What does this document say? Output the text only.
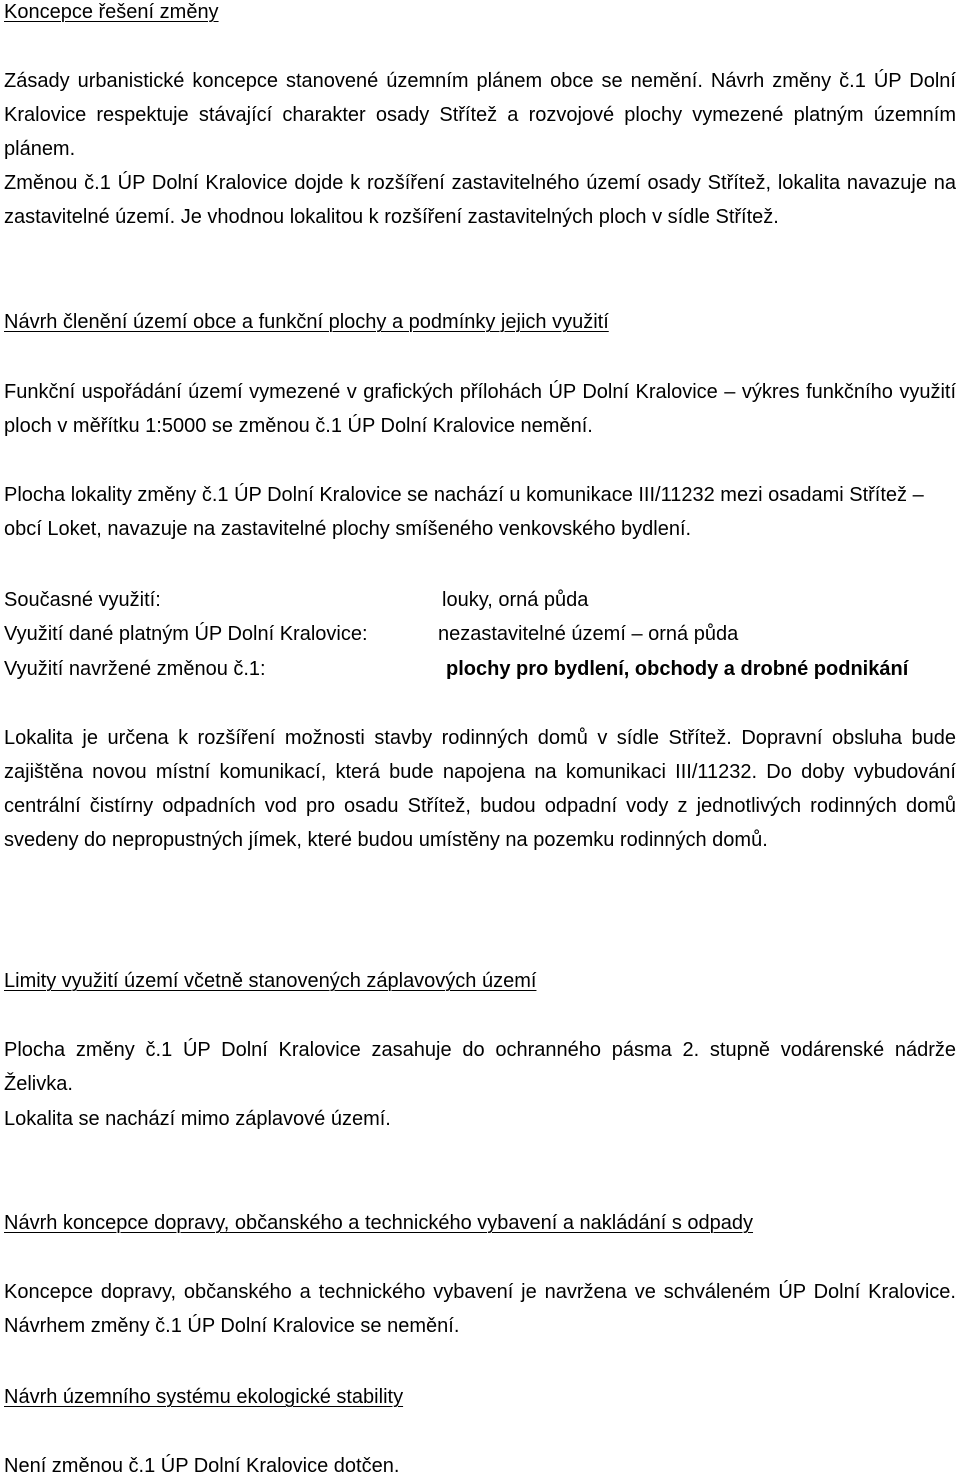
Koncepce řešení změny
Zásady urbanistické koncepce stanovené územním plánem obce se nemění. Návrh změny č.1 ÚP Dolní Kralovice respektuje stávající charakter osady Střítež a rozvojové plochy vymezené platným územním plánem.
Změnou č.1 ÚP Dolní Kralovice dojde k rozšíření zastavitelného území osady Střítež, lokalita navazuje na zastavitelné území. Je vhodnou lokalitou k rozšíření zastavitelných ploch v sídle Střítež.
Návrh členění území obce a funkční plochy a podmínky jejich využití
Funkční uspořádání území vymezené v grafických přílohách ÚP Dolní Kralovice – výkres funkčního využití ploch v měřítku 1:5000 se změnou č.1 ÚP Dolní Kralovice nemění.
Plocha lokality změny č.1 ÚP Dolní Kralovice se nachází u komunikace III/11232 mezi osadami Střítež – obcí Loket, navazuje na zastavitelné plochy smíšeného venkovského bydlení.
Současné využití:	louky, orná půda
Využití dané platným ÚP Dolní Kralovice:	nezastavitelné území – orná půda
Využití navržené změnou č.1:	plochy pro bydlení, obchody a drobné podnikání
Lokalita je určena k rozšíření možnosti stavby rodinných domů v sídle Střítež. Dopravní obsluha bude zajištěna novou místní komunikací, která bude napojena na komunikaci III/11232. Do doby vybudování centrální čistírny odpadních vod pro osadu Střítež, budou odpadní vody z jednotlivých rodinných domů svedeny do nepropustných jímek, které budou umístěny na pozemku rodinných domů.
Limity využití území včetně stanovených záplavových území
Plocha změny č.1 ÚP Dolní Kralovice zasahuje do ochranného pásma 2. stupně vodárenské nádrže Želivka.
Lokalita se nachází mimo záplavové území.
Návrh koncepce dopravy, občanského a technického vybavení a nakládání s odpady
Koncepce dopravy, občanského a technického vybavení je navržena ve schváleném ÚP Dolní Kralovice. Návrhem změny č.1 ÚP Dolní Kralovice se nemění.
Návrh územního systému ekologické stability
Není změnou č.1 ÚP Dolní Kralovice dotčen.
